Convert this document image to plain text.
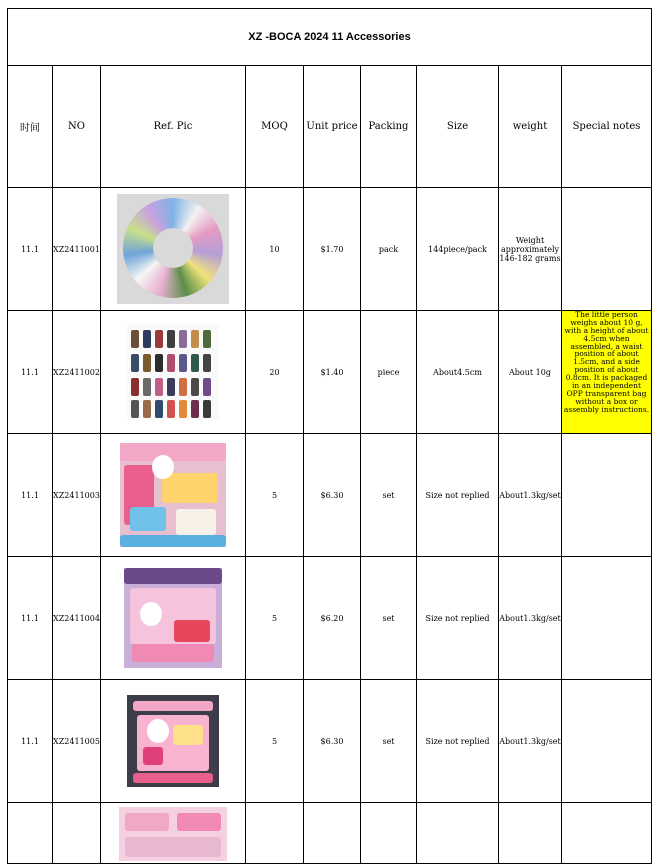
XZ -BOCA 2024 11 Accessories								
时间	NO	Ref. Pic	MOQ	Unit price	Packing	Size	weight	Special notes
11.1	XZ2411001		10	$1.70	pack	144piece/pack	Weight approximately 146-182 grams	
11.1	XZ2411002		20	$1.40	piece	About4.5cm	About 10g	The little person weighs about 10 g, with a height of about 4.5cm when assembled, a waist position of about 1.5cm, and a side position of about 0.8cm. It is packaged in an independent OPP transparent bag without a box or assembly instructions.
11.1	XZ2411003		5	$6.30	set	Size not replied	About1.3kg/set	
11.1	XZ2411004		5	$6.20	set	Size not replied	About1.3kg/set	
11.1	XZ2411005		5	$6.30	set	Size not replied	About1.3kg/set	
